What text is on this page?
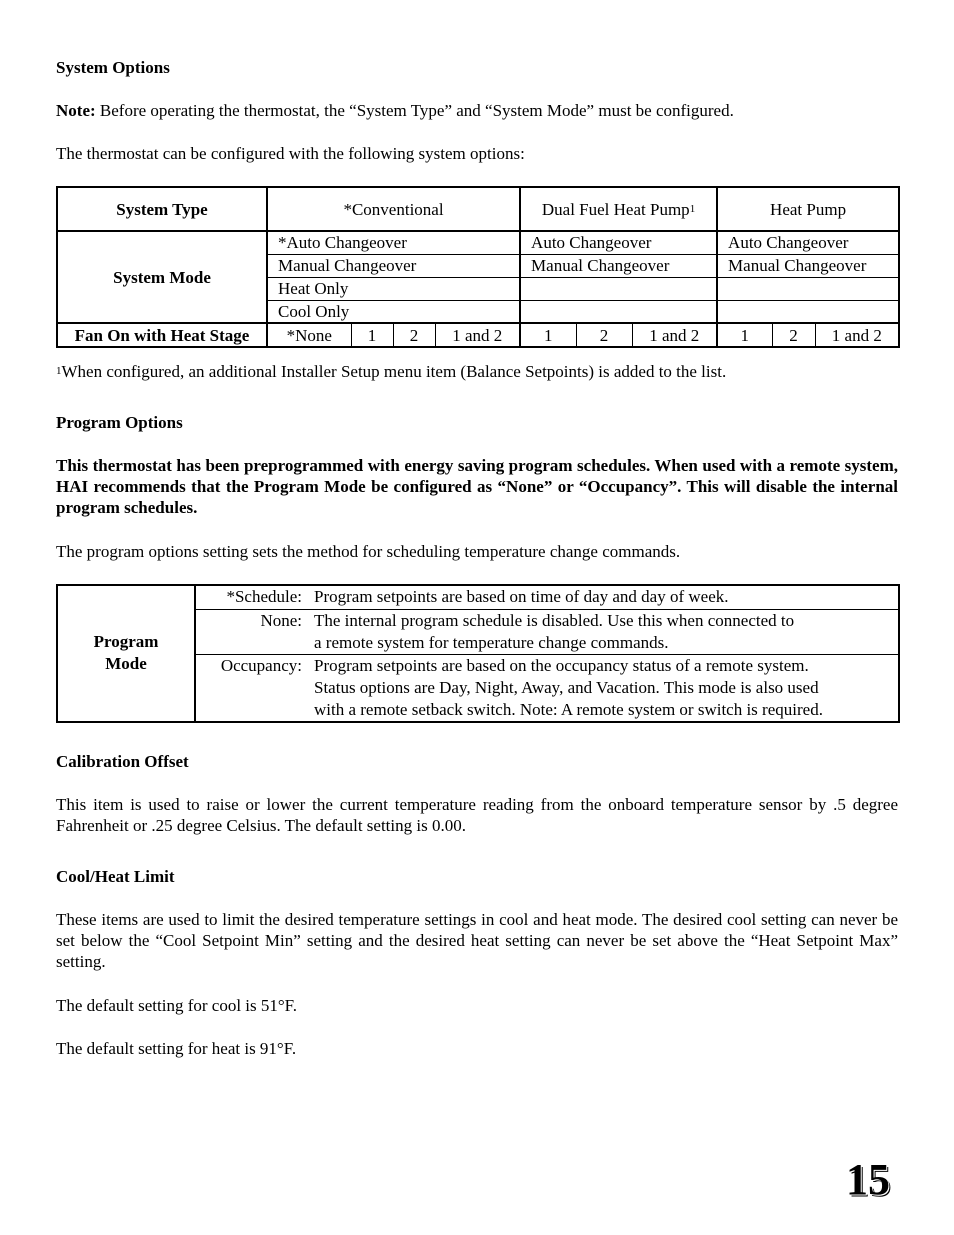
System Options
Note: Before operating the thermostat, the “System Type” and “System Mode” must be configured.
The thermostat can be configured with the following system options:
System Type	*Conventional				Dual Fuel Heat Pump$^1$			Heat Pump		
System Mode	*Auto Changeover				Auto Changeover			Auto Changeover		
	Manual Changeover				Manual Changeover			Manual Changeover		
	Heat Only									
	Cool Only									
Fan On with Heat Stage	*None	1	2	1 and 2	1	2	1 and 2	1	2	1 and 2
$^1$When configured, an additional Installer Setup menu item (Balance Setpoints) is added to the list.
Program Options
This thermostat has been preprogrammed with energy saving program schedules. When used with a remote system, HAI recommends that the Program Mode be configured as “None” or “Occupancy”. This will disable the internal program schedules.
The program options setting sets the method for scheduling temperature change commands.
Program
Mode	*Schedule:	Program setpoints are based on time of day and day of week.

	None:	The internal program schedule is disabled. Use this when connected to
a remote system for temperature change commands.

	Occupancy:	Program setpoints are based on the occupancy status of a remote system.
Status options are Day, Night, Away, and Vacation. This mode is also used
with a remote setback switch. Note: A remote system or switch is required.
Calibration Offset
This item is used to raise or lower the current temperature reading from the onboard temperature sensor by .5 degree Fahrenheit or .25 degree Celsius. The default setting is 0.00.
Cool/Heat Limit
These items are used to limit the desired temperature settings in cool and heat mode. The desired cool setting can never be set below the “Cool Setpoint Min” setting and the desired heat setting can never be set above the “Heat Setpoint Max” setting.
The default setting for cool is 51°F.
The default setting for heat is 91°F.
15
